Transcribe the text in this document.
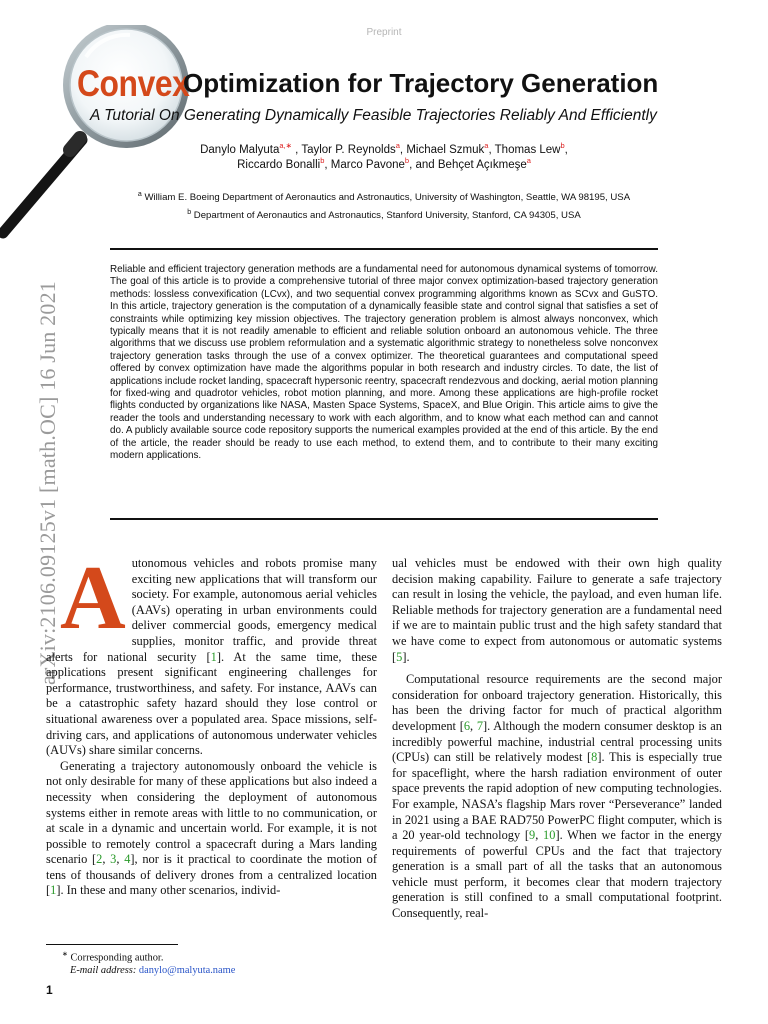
Preprint
Convex
Optimization for Trajectory Generation
A Tutorial On Generating Dynamically Feasible Trajectories Reliably And Efficiently
Danylo Malyuta$^{a,∗}$ , Taylor P. Reynolds$^a$, Michael Szmuk$^a$, Thomas Lew$^b$,
Riccardo Bonalli$^b$, Marco Pavone$^b$, and Behçet Açıkmeşe$^a$
$^a$ William E. Boeing Department of Aeronautics and Astronautics, University of Washington, Seattle, WA 98195, USA
$^b$ Department of Aeronautics and Astronautics, Stanford University, Stanford, CA 94305, USA
arXiv:2106.09125v1 [math.OC] 16 Jun 2021

Reliable and efficient trajectory generation methods are a fundamental need for autonomous dynamical systems of tomorrow. The goal of this article is to provide a comprehensive tutorial of three major convex optimization-based trajectory generation methods: lossless convexification (LCvx), and two sequential convex programming algorithms known as SCvx and GuSTO. In this article, trajectory generation is the computation of a dynamically feasible state and control signal that satisfies a set of constraints while optimizing key mission objectives. The trajectory generation problem is almost always nonconvex, which typically means that it is not readily amenable to efficient and reliable solution onboard an autonomous vehicle. The three algorithms that we discuss use problem reformulation and a systematic algorithmic strategy to nonetheless solve nonconvex trajectory generation tasks through the use of a convex optimizer. The theoretical guarantees and computational speed offered by convex optimization have made the algorithms popular in both research and industry circles. To date, the list of applications include rocket landing, spacecraft hypersonic reentry, spacecraft rendezvous and docking, aerial motion planning for fixed-wing and quadrotor vehicles, robot motion planning, and more. Among these applications are high-profile rocket flights conducted by organizations like NASA, Masten Space Systems, SpaceX, and Blue Origin. This article aims to give the reader the tools and understanding necessary to work with each algorithm, and to know what each method can and cannot do. A publicly available source code repository supports the numerical examples provided at the end of this article. By the end of the article, the reader should be ready to use each method, to extend them, and to contribute to their many exciting modern applications.

Autonomous vehicles and robots promise many exciting new applications that will transform our society. For example, autonomous aerial vehicles (AAVs) operating in urban environments could deliver commercial goods, emergency medical supplies, monitor traffic, and provide threat alerts for national security [1]. At the same time, these applications present significant engineering challenges for performance, trustworthiness, and safety. For instance, AAVs can be a catastrophic safety hazard should they lose control or situational awareness over a populated area. Space missions, self-driving cars, and applications of autonomous underwater vehicles (AUVs) share similar concerns.

Generating a trajectory autonomously onboard the vehicle is not only desirable for many of these applications but also indeed a necessity when considering the deployment of autonomous systems either in remote areas with little to no communication, or at scale in a dynamic and uncertain world. For example, it is not possible to remotely control a spacecraft during a Mars landing scenario [2, 3, 4], nor is it practical to coordinate the motion of tens of thousands of delivery drones from a centralized location [1]. In these and many other scenarios, individ-

ual vehicles must be endowed with their own high quality decision making capability. Failure to generate a safe trajectory can result in losing the vehicle, the payload, and even human life. Reliable methods for trajectory generation are a fundamental need if we are to maintain public trust and the high safety standard that we have come to expect from autonomous or automatic systems [5].

Computational resource requirements are the second major consideration for onboard trajectory generation. Historically, this has been the driving factor for much of practical algorithm development [6, 7]. Although the modern consumer desktop is an incredibly powerful machine, industrial central processing units (CPUs) can still be relatively modest [8]. This is especially true for spaceflight, where the harsh radiation environment of outer space prevents the rapid adoption of new computing technologies. For example, NASA’s flagship Mars rover “Perseverance” landed in 2021 using a BAE RAD750 PowerPC flight computer, which is a 20 year-old technology [9, 10]. When we factor in the energy requirements of powerful CPUs and the fact that trajectory generation is a small part of all the tasks that an autonomous vehicle must perform, it becomes clear that modern trajectory generation is still confined to a small computational footprint. Consequently, real-

∗ Corresponding author.
E-mail address: danylo@malyuta.name
1
